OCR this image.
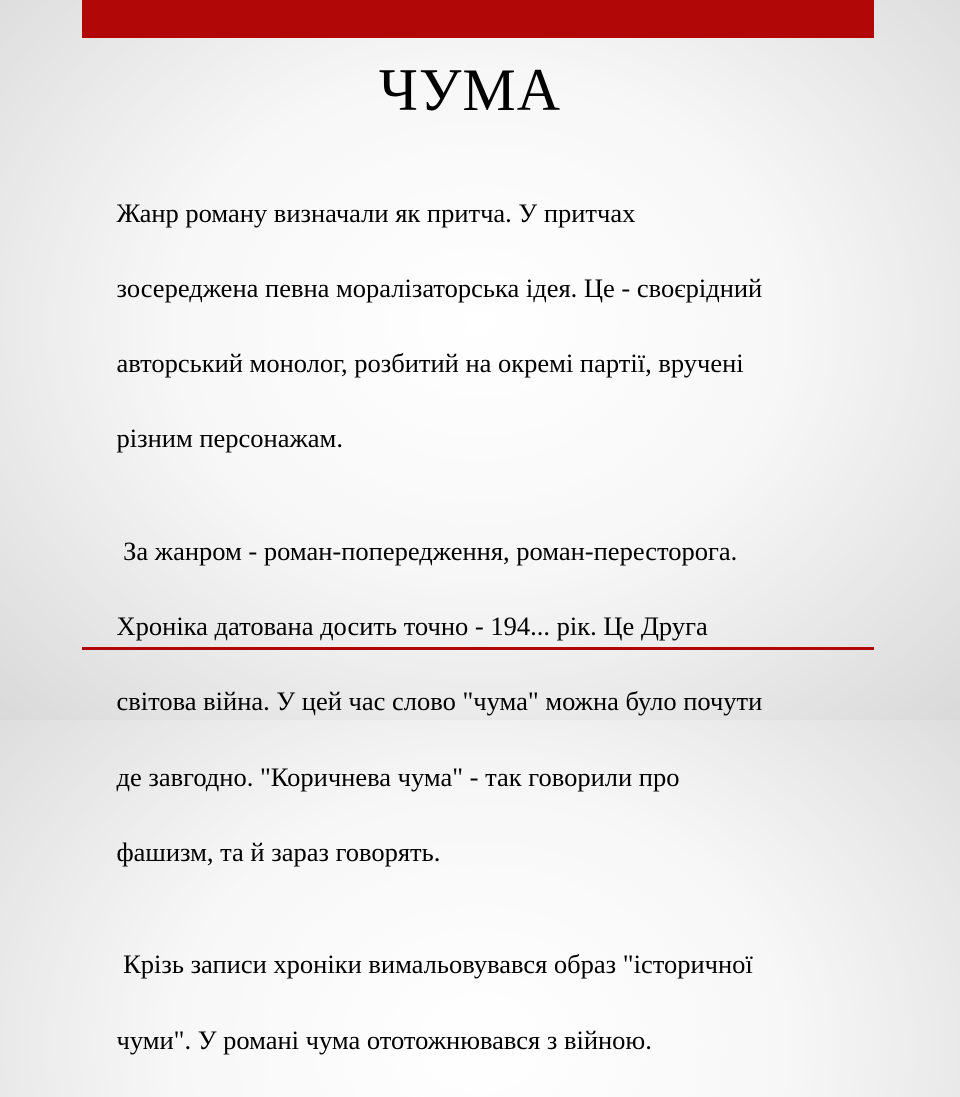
ЧУМА

Жанр роману визначали як притча. У притчах

зосереджена певна моралізаторська ідея. Це - своєрідний

авторський монолог, розбитий на окремі партії, вручені

різним персонажам.

За жанром - роман-попередження, роман-пересторога.

Хроніка датована досить точно - 194... рік. Це Друга

світова війна. У цей час слово "чума" можна було почути

де завгодно. "Коричнева чума" - так говорили про

фашизм, та й зараз говорять.

Крізь записи хроніки вимальовувався образ "історичної

чуми". У романі чума ототожнювався з війною.
